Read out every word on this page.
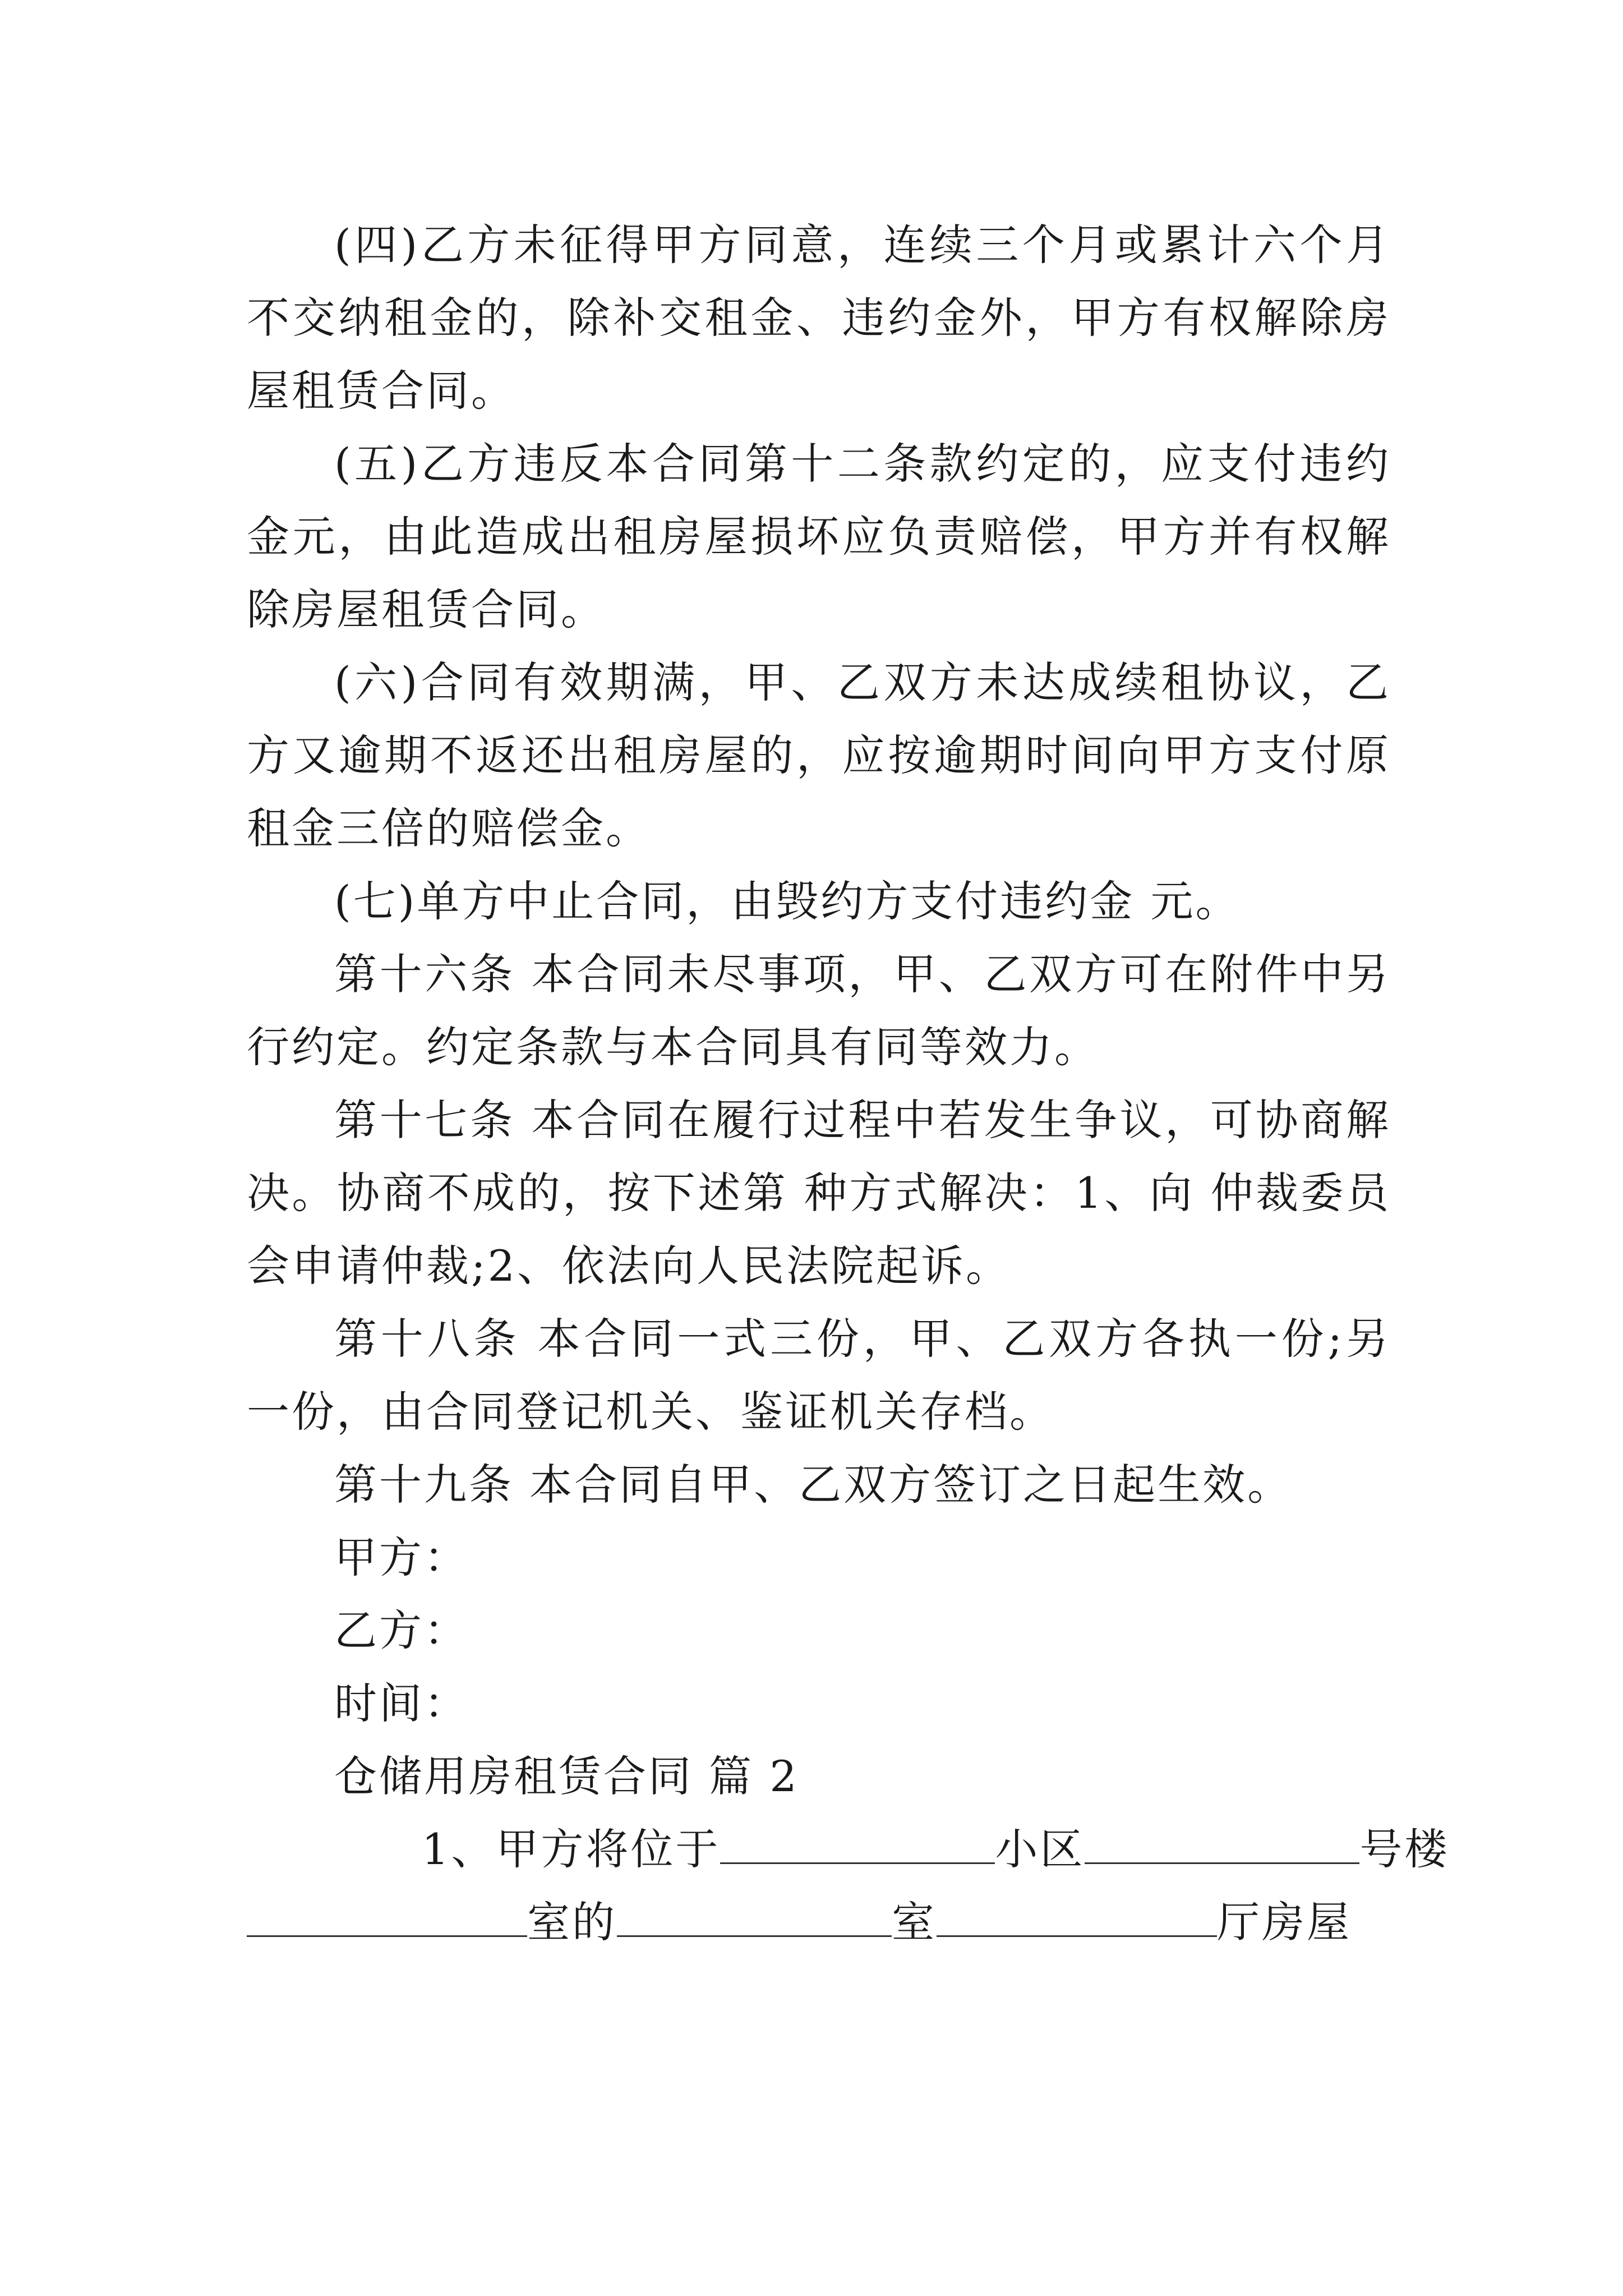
(四)乙方未征得甲方同意，连续三个月或累计六个月不交纳租金的，除补交租金、违约金外，甲方有权解除房屋租赁合同。

(五)乙方违反本合同第十二条款约定的，应支付违约金元，由此造成出租房屋损坏应负责赔偿，甲方并有权解除房屋租赁合同。

(六)合同有效期满，甲、乙双方未达成续租协议，乙方又逾期不返还出租房屋的，应按逾期时间向甲方支付原租金三倍的赔偿金。

(七)单方中止合同，由毁约方支付违约金 元。

第十六条 本合同未尽事项，甲、乙双方可在附件中另行约定。约定条款与本合同具有同等效力。

第十七条 本合同在履行过程中若发生争议，可协商解决。协商不成的，按下述第 种方式解决：1、向 仲裁委员会申请仲裁;2、依法向人民法院起诉。

第十八条 本合同一式三份，甲、乙双方各执一份;另一份，由合同登记机关、鉴证机关存档。

第十九条 本合同自甲、乙双方签订之日起生效。

甲方：

乙方：

时间：

仓储用房租赁合同 篇 2

1、甲方将位于	小区	号楼
室的	室	厅房屋
